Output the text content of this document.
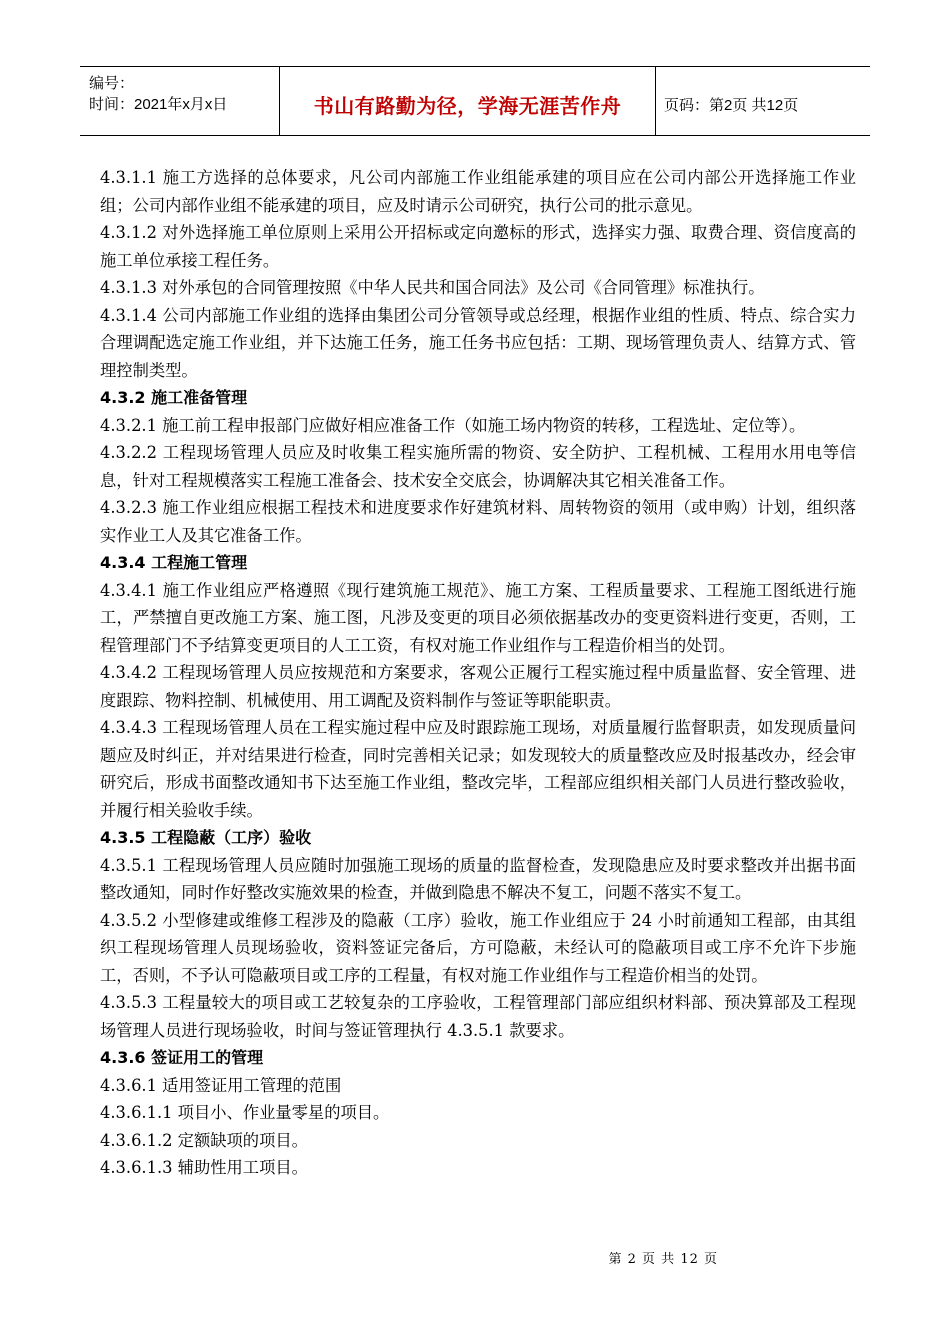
编号：
时间：2021年x月x日	书山有路勤为径，学海无涯苦作舟	页码：第2页 共12页

4.3.1.1 施工方选择的总体要求，凡公司内部施工作业组能承建的项目应在公司内部公开选择施工作业组；公司内部作业组不能承建的项目，应及时请示公司研究，执行公司的批示意见。

4.3.1.2 对外选择施工单位原则上采用公开招标或定向邀标的形式，选择实力强、取费合理、资信度高的施工单位承接工程任务。

4.3.1.3 对外承包的合同管理按照《中华人民共和国合同法》及公司《合同管理》标准执行。

4.3.1.4 公司内部施工作业组的选择由集团公司分管领导或总经理，根据作业组的性质、特点、综合实力合理调配选定施工作业组，并下达施工任务，施工任务书应包括：工期、现场管理负责人、结算方式、管理控制类型。

4.3.2 施工准备管理

4.3.2.1 施工前工程申报部门应做好相应准备工作（如施工场内物资的转移，工程选址、定位等）。

4.3.2.2 工程现场管理人员应及时收集工程实施所需的物资、安全防护、工程机械、工程用水用电等信息，针对工程规模落实工程施工准备会、技术安全交底会，协调解决其它相关准备工作。

4.3.2.3 施工作业组应根据工程技术和进度要求作好建筑材料、周转物资的领用（或申购）计划，组织落实作业工人及其它准备工作。

4.3.4 工程施工管理

4.3.4.1 施工作业组应严格遵照《现行建筑施工规范》、施工方案、工程质量要求、工程施工图纸进行施工，严禁擅自更改施工方案、施工图，凡涉及变更的项目必须依据基改办的变更资料进行变更，否则，工程管理部门不予结算变更项目的人工工资，有权对施工作业组作与工程造价相当的处罚。

4.3.4.2 工程现场管理人员应按规范和方案要求，客观公正履行工程实施过程中质量监督、安全管理、进度跟踪、物料控制、机械使用、用工调配及资料制作与签证等职能职责。

4.3.4.3 工程现场管理人员在工程实施过程中应及时跟踪施工现场，对质量履行监督职责，如发现质量问题应及时纠正，并对结果进行检查，同时完善相关记录；如发现较大的质量整改应及时报基改办，经会审研究后，形成书面整改通知书下达至施工作业组，整改完毕，工程部应组织相关部门人员进行整改验收，并履行相关验收手续。

4.3.5 工程隐蔽（工序）验收

4.3.5.1 工程现场管理人员应随时加强施工现场的质量的监督检查，发现隐患应及时要求整改并出据书面整改通知，同时作好整改实施效果的检查，并做到隐患不解决不复工，问题不落实不复工。

4.3.5.2 小型修建或维修工程涉及的隐蔽（工序）验收，施工作业组应于 24 小时前通知工程部，由其组织工程现场管理人员现场验收，资料签证完备后，方可隐蔽，未经认可的隐蔽项目或工序不允许下步施工，否则，不予认可隐蔽项目或工序的工程量，有权对施工作业组作与工程造价相当的处罚。

4.3.5.3 工程量较大的项目或工艺较复杂的工序验收，工程管理部门部应组织材料部、预决算部及工程现场管理人员进行现场验收，时间与签证管理执行 4.3.5.1 款要求。

4.3.6 签证用工的管理

4.3.6.1 适用签证用工管理的范围

4.3.6.1.1 项目小、作业量零星的项目。

4.3.6.1.2 定额缺项的项目。

4.3.6.1.3 辅助性用工项目。

第 2 页 共 12 页
